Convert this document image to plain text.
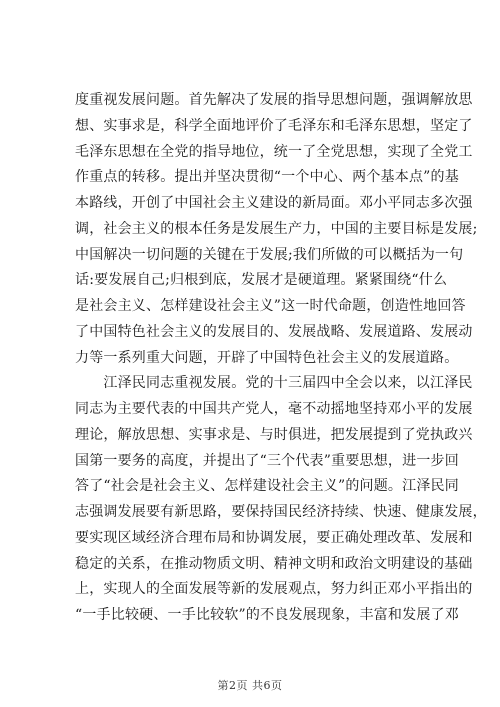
度重视发展问题。首先解决了发展的指导思想问题，强调解放思
想、实事求是，科学全面地评价了毛泽东和毛泽东思想，坚定了
毛泽东思想在全党的指导地位，统一了全党思想，实现了全党工
作重点的转移。提出并坚决贯彻“一个中心、两个基本点”的基
本路线，开创了中国社会主义建设的新局面。邓小平同志多次强
调，社会主义的根本任务是发展生产力，中国的主要目标是发展;
中国解决一切问题的关键在于发展;我们所做的可以概括为一句
话:要发展自己;归根到底，发展才是硬道理。紧紧围绕“什么
是社会主义、怎样建设社会主义”这一时代命题，创造性地回答
了中国特色社会主义的发展目的、发展战略、发展道路、发展动
力等一系列重大问题，开辟了中国特色社会主义的发展道路。
　　江泽民同志重视发展。党的十三届四中全会以来，以江泽民
同志为主要代表的中国共产党人，毫不动摇地坚持邓小平的发展
理论，解放思想、实事求是、与时俱进，把发展提到了党执政兴
国第一要务的高度，并提出了“三个代表”重要思想，进一步回
答了“社会是社会主义、怎样建设社会主义”的问题。江泽民同
志强调发展要有新思路，要保持国民经济持续、快速、健康发展，
要实现区域经济合理布局和协调发展，要正确处理改革、发展和
稳定的关系，在推动物质文明、精神文明和政治文明建设的基础
上，实现人的全面发展等新的发展观点，努力纠正邓小平指出的
“一手比较硬、一手比较软”的不良发展现象，丰富和发展了邓
第2页 共6页
